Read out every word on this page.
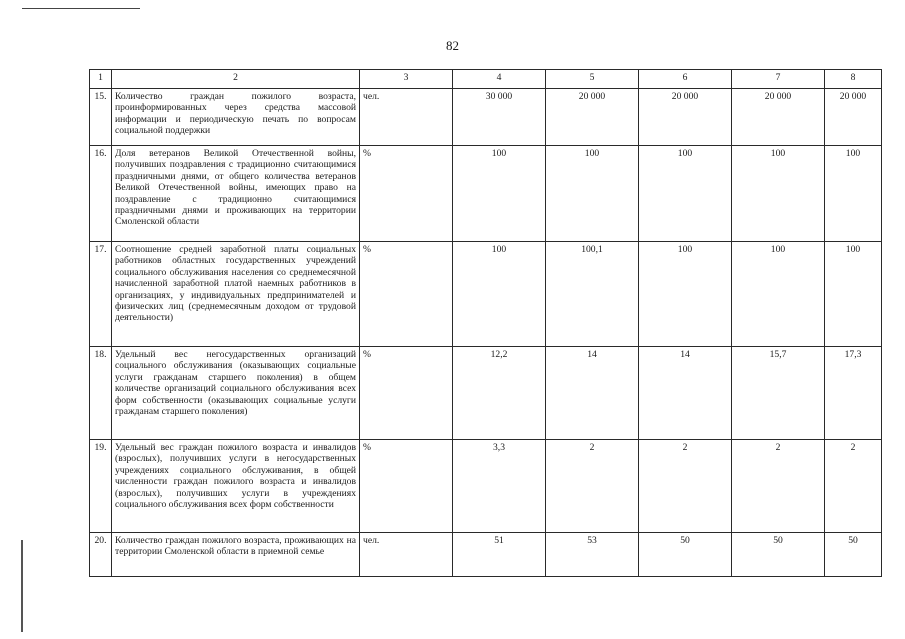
82
1	2	3	4	5	6	7	8
15.	Количество граждан пожилого возраста, проинформированных через средства массовой информации и периодическую печать по вопросам социальной поддержки	чел.	30 000	20 000	20 000	20 000	20 000
16.	Доля ветеранов Великой Отечественной войны, получивших поздравления с традиционно считающимися праздничными днями, от общего количества ветеранов Великой Отечественной войны, имеющих право на поздравление с традиционно считающимися праздничными днями и проживающих на территории Смоленской области	%	100	100	100	100	100
17.	Соотношение средней заработной платы социальных работников областных государственных учреждений социального обслуживания населения со среднемесячной начисленной заработной платой наемных работников в организациях, у индивидуальных предпринимателей и физических лиц (среднемесячным доходом от трудовой деятельности)	%	100	100,1	100	100	100
18.	Удельный вес негосударственных организаций социального обслуживания (оказывающих социальные услуги гражданам старшего поколения) в общем количестве организаций социального обслуживания всех форм собственности (оказывающих социальные услуги гражданам старшего поколения)	%	12,2	14	14	15,7	17,3
19.	Удельный вес граждан пожилого возраста и инвалидов (взрослых), получивших услуги в негосударственных учреждениях социального обслуживания, в общей численности граждан пожилого возраста и инвалидов (взрослых), получивших услуги в учреждениях социального обслуживания всех форм собственности	%	3,3	2	2	2	2
20.	Количество граждан пожилого возраста, проживающих на территории Смоленской области в приемной семье	чел.	51	53	50	50	50
